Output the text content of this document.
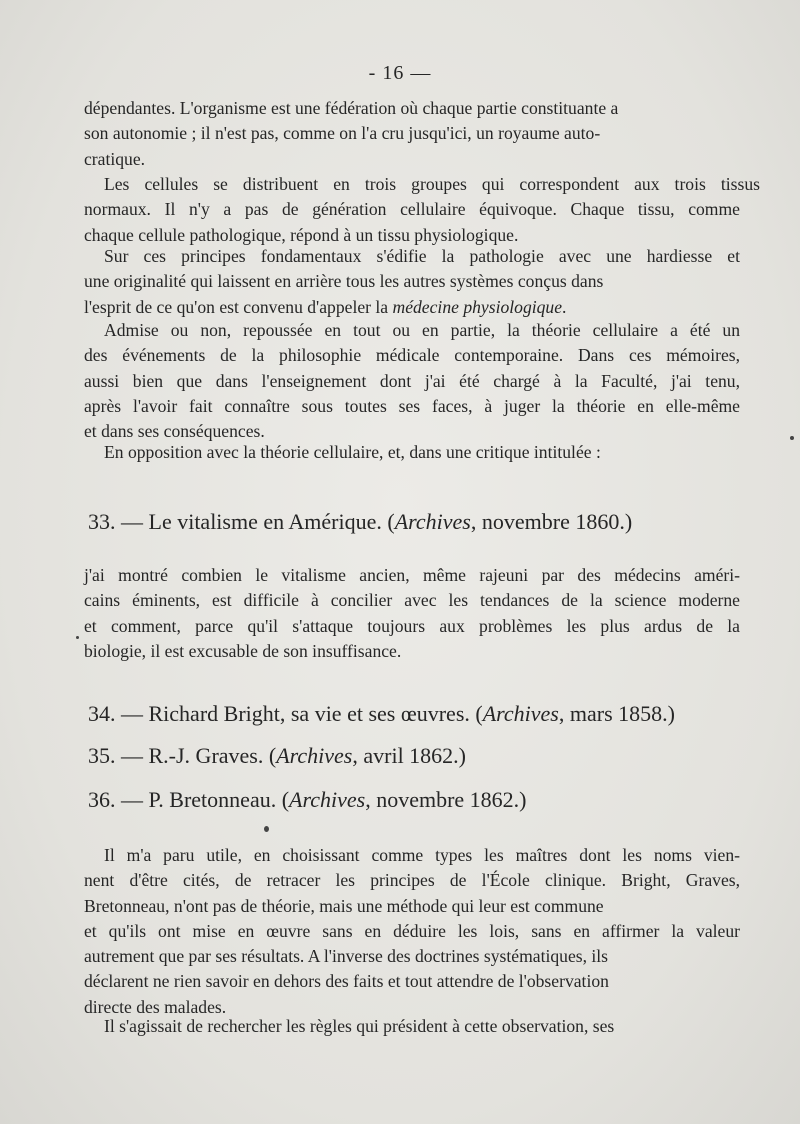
- 16 —

dépendantes. L'organisme est une fédération où chaque partie constituante a
son autonomie ; il n'est pas, comme on l'a cru jusqu'ici, un royaume auto-
cratique.

Les cellules se distribuent en trois groupes qui correspondent aux trois tissus
normaux. Il n'y a pas de génération cellulaire équivoque. Chaque tissu, comme
chaque cellule pathologique, répond à un tissu physiologique.

Sur ces principes fondamentaux s'édifie la pathologie avec une hardiesse et
une originalité qui laissent en arrière tous les autres systèmes conçus dans
l'esprit de ce qu'on est convenu d'appeler la médecine physiologique.

Admise ou non, repoussée en tout ou en partie, la théorie cellulaire a été un
des événements de la philosophie médicale contemporaine. Dans ces mémoires,
aussi bien que dans l'enseignement dont j'ai été chargé à la Faculté, j'ai tenu,
après l'avoir fait connaître sous toutes ses faces, à juger la théorie en elle-même
et dans ses conséquences.

En opposition avec la théorie cellulaire, et, dans une critique intitulée :

33. — Le vitalisme en Amérique. (Archives, novembre 1860.)

j'ai montré combien le vitalisme ancien, même rajeuni par des médecins améri-
cains éminents, est difficile à concilier avec les tendances de la science moderne
et comment, parce qu'il s'attaque toujours aux problèmes les plus ardus de la
biologie, il est excusable de son insuffisance.

34. — Richard Bright, sa vie et ses œuvres. (Archives, mars 1858.)

35. — R.-J. Graves. (Archives, avril 1862.)

36. — P. Bretonneau. (Archives, novembre 1862.)

Il m'a paru utile, en choisissant comme types les maîtres dont les noms vien-
nent d'être cités, de retracer les principes de l'École clinique. Bright, Graves,
Bretonneau, n'ont pas de théorie, mais une méthode qui leur est commune
et qu'ils ont mise en œuvre sans en déduire les lois, sans en affirmer la valeur
autrement que par ses résultats. A l'inverse des doctrines systématiques, ils
déclarent ne rien savoir en dehors des faits et tout attendre de l'observation
directe des malades.

Il s'agissait de rechercher les règles qui président à cette observation, ses
